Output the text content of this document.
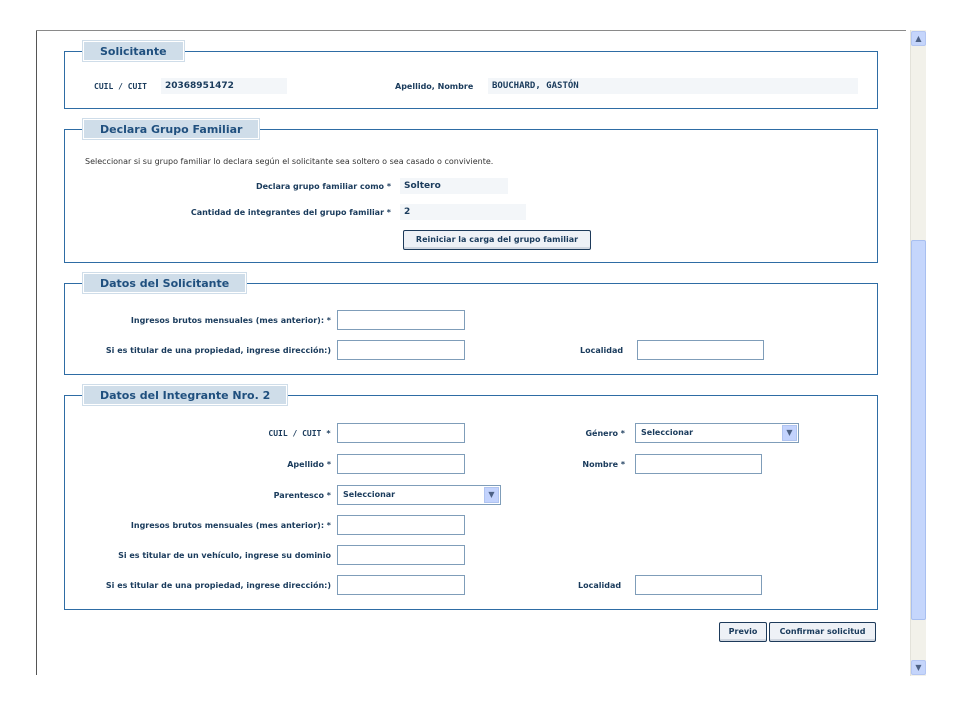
Solicitante
CUIL / CUIT	20368951472	Apellido, Nombre	BOUCHARD, GASTÓN
Declara Grupo Familiar
Seleccionar si su grupo familiar lo declara según el solicitante sea soltero o sea casado o conviviente.
Declara grupo familiar como *	Soltero
Cantidad de integrantes del grupo familiar *	2
Reiniciar la carga del grupo familiar
Datos del Solicitante
Ingresos brutos mensuales (mes anterior): *
Si es titular de una propiedad, ingrese dirección:)	Localidad
Datos del Integrante Nro. 2
CUIL / CUIT *	Género *	Seleccionar	▼
Apellido *	Nombre *
Parentesco *	Seleccionar	▼
Ingresos brutos mensuales (mes anterior): *
Si es titular de un vehículo, ingrese su dominio
Si es titular de una propiedad, ingrese dirección:)	Localidad
Previo	Confirmar solicitud
▲
▼
